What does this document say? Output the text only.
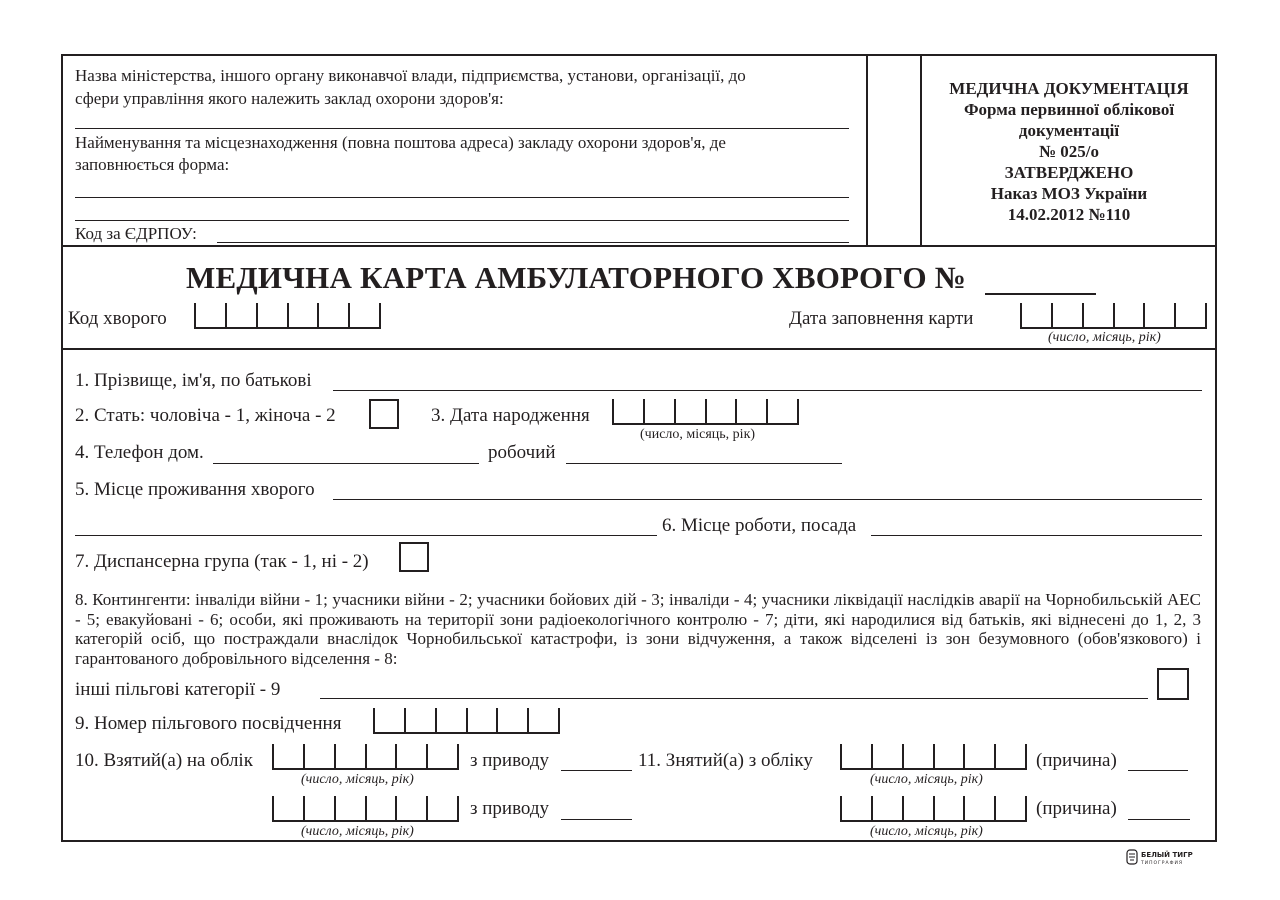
Назва міністерства, іншого органу виконавчої влади, підприємства, установи, організації, до
сфери управління якого належить заклад охорони здоров'я:
Найменування та місцезнаходження (повна поштова адреса) закладу охорони здоров'я, де
заповнюється форма:
Код за ЄДРПОУ:
МЕДИЧНА ДОКУМЕНТАЦІЯ
Форма первинної облікової
документації
№ 025/о
ЗАТВЕРДЖЕНО
Наказ МОЗ України
14.02.2012 №110
МЕДИЧНА КАРТА АМБУЛАТОРНОГО ХВОРОГО №
Код хворого	Дата заповнення карти
(число, місяць, рік)
1. Прізвище, ім'я, по батькові
2. Стать: чоловіча - 1, жіноча - 2	3. Дата народження
(число, місяць, рік)
4. Телефон дом.	робочий
5. Місце проживання хворого
6. Місце роботи, посада
7. Диспансерна група (так - 1, ні - 2)
8. Контингенти: інваліди війни - 1; учасники війни - 2; учасники бойових дій - 3; інваліди - 4; учасники ліквідації наслідків аварії на Чорнобильській АЕС - 5; евакуйовані - 6; особи, які проживають на території зони радіоекологічного контролю - 7; діти, які народилися від батьків, які віднесені до 1, 2, 3 категорій осіб, що постраждали внаслідок Чорнобильської катастрофи, із зони відчуження, а також відселені із зон безумовного (обов'язкового) і гарантованого добровільного відселення - 8:
інші пільгові категорії - 9
9. Номер пільгового посвідчення
10. Взятий(а) на облік
(число, місяць, рік)
з приводу	11. Знятий(а) з обліку
(число, місяць, рік)
(причина)
(число, місяць, рік)
з приводу
(число, місяць, рік)
(причина)
БЕЛЫЙ ТИГР
ТИПОГРАФИЯ
